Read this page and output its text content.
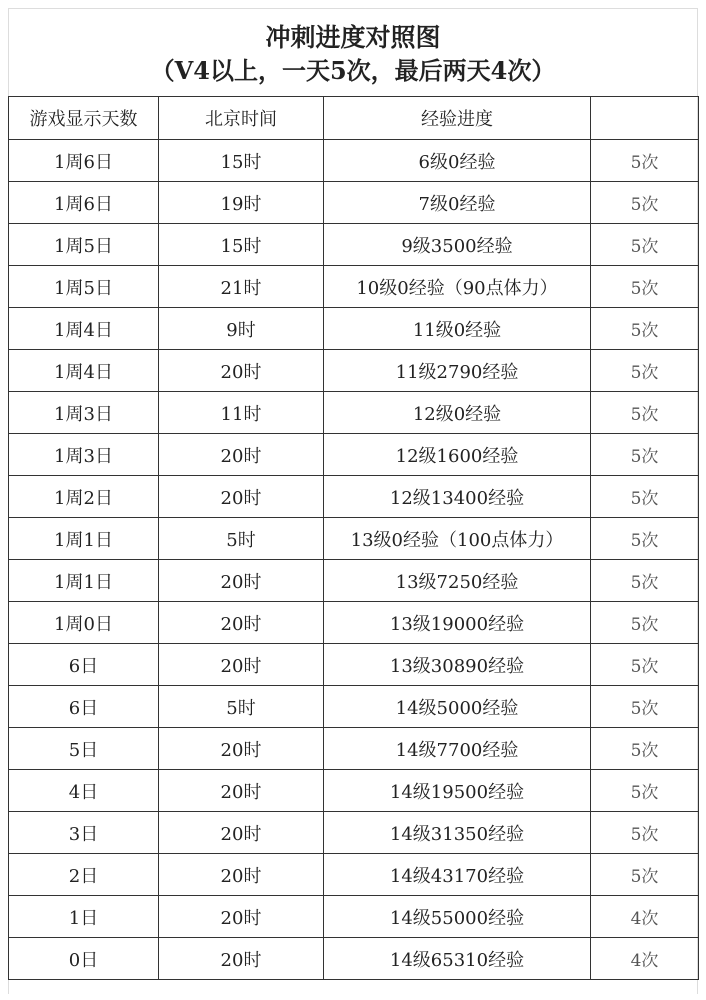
冲刺进度对照图
（V4以上，一天5次，最后两天4次）
游戏显示天数	北京时间	经验进度	
1周6日	15时	6级0经验	5次
1周6日	19时	7级0经验	5次
1周5日	15时	9级3500经验	5次
1周5日	21时	10级0经验（90点体力）	5次
1周4日	9时	11级0经验	5次
1周4日	20时	11级2790经验	5次
1周3日	11时	12级0经验	5次
1周3日	20时	12级1600经验	5次
1周2日	20时	12级13400经验	5次
1周1日	5时	13级0经验（100点体力）	5次
1周1日	20时	13级7250经验	5次
1周0日	20时	13级19000经验	5次
6日	20时	13级30890经验	5次
6日	5时	14级5000经验	5次
5日	20时	14级7700经验	5次
4日	20时	14级19500经验	5次
3日	20时	14级31350经验	5次
2日	20时	14级43170经验	5次
1日	20时	14级55000经验	4次
0日	20时	14级65310经验	4次
